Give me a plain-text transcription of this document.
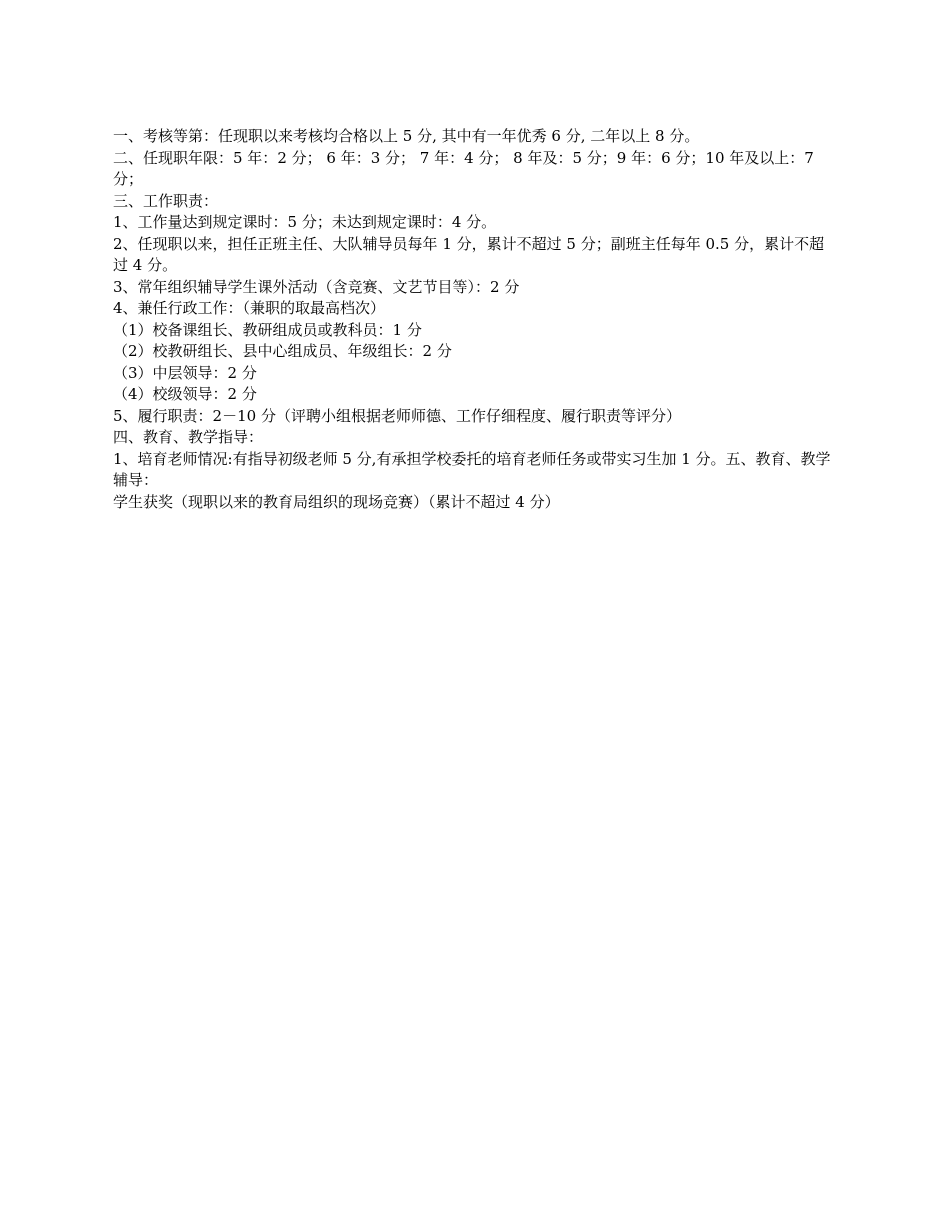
一、考核等第：任现职以来考核均合格以上 5 分, 其中有一年优秀 6 分, 二年以上 8 分。

二、任现职年限：5 年：2 分； 6 年：3 分； 7 年：4 分； 8 年及：5 分；9 年：6 分；10 年及以上：7 分；

三、工作职责：

1、工作量达到规定课时：5 分；未达到规定课时：4 分。

2、任现职以来，担任正班主任、大队辅导员每年 1 分，累计不超过 5 分；副班主任每年 0.5 分，累计不超过 4 分。

3、常年组织辅导学生课外活动（含竞赛、文艺节目等）：2 分

4、兼任行政工作：（兼职的取最高档次）

（1）校备课组长、教研组成员或教科员：1 分

（2）校教研组长、县中心组成员、年级组长：2 分

（3）中层领导：2 分

（4）校级领导：2 分

5、履行职责：2－10 分（评聘小组根据老师师德、工作仔细程度、履行职责等评分）

四、教育、教学指导：

1、培育老师情况:有指导初级老师 5 分,有承担学校委托的培育老师任务或带实习生加 1 分。五、教育、教学辅导：

学生获奖（现职以来的教育局组织的现场竞赛）（累计不超过 4 分）
